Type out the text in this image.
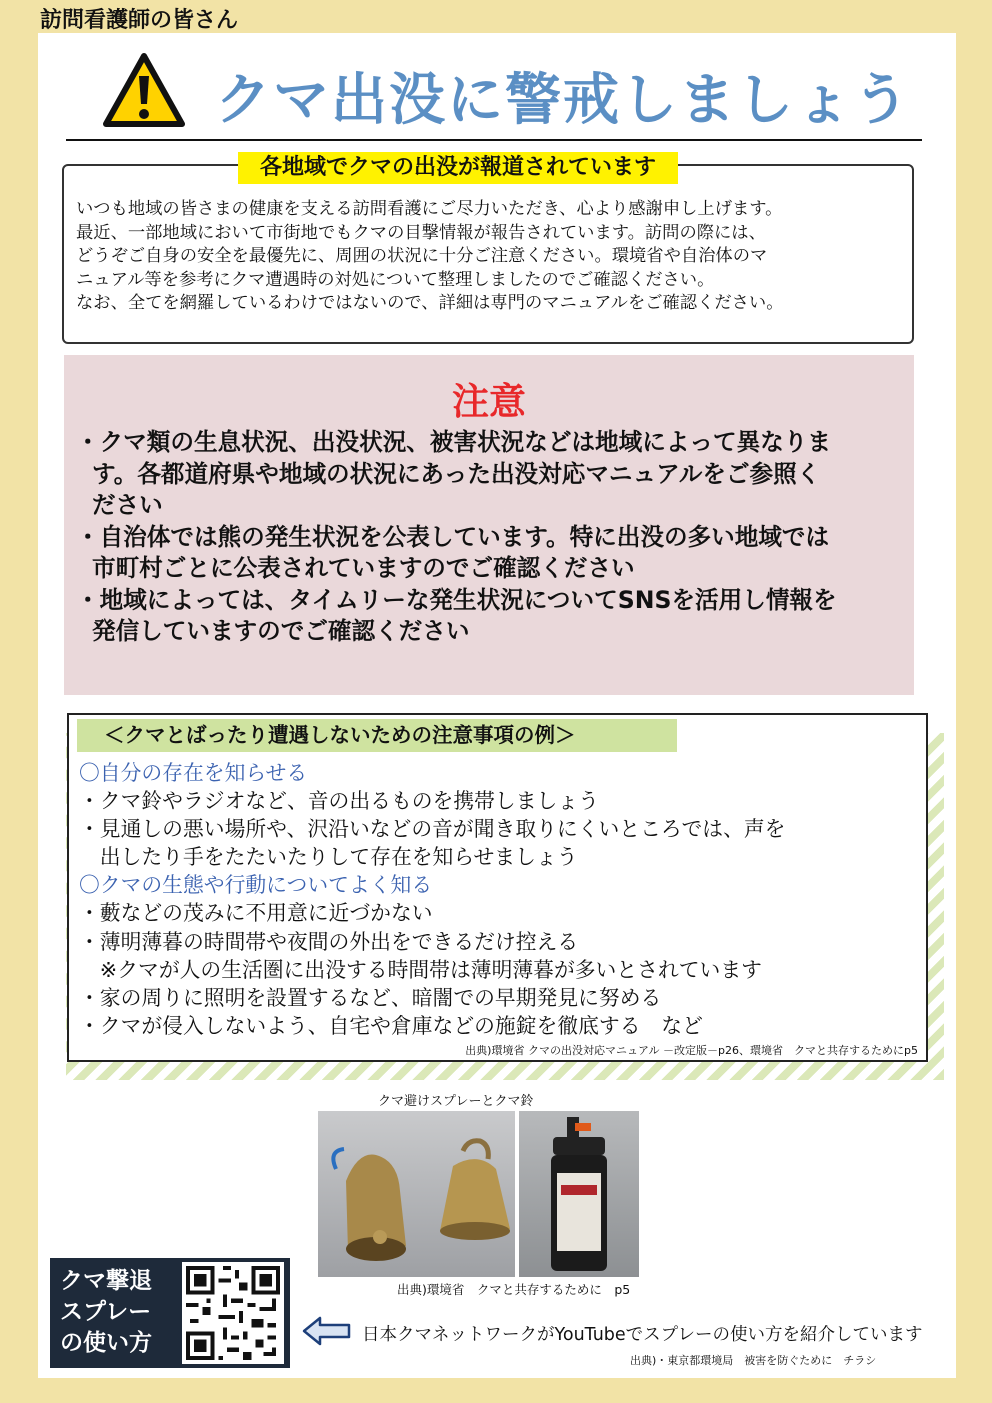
訪問看護師の皆さん
クマ出没に警戒しましょう
各地域でクマの出没が報道されています
いつも地域の皆さまの健康を支える訪問看護にご尽力いただき、心より感謝申し上げます。
最近、一部地域において市街地でもクマの目撃情報が報告されています。訪問の際には、
どうぞご自身の安全を最優先に、周囲の状況に十分ご注意ください。環境省や自治体のマ
ニュアル等を参考にクマ遭遇時の対処について整理しましたのでご確認ください。
なお、全てを網羅しているわけではないので、詳細は専門のマニュアルをご確認ください。
注意
・クマ類の生息状況、出没状況、被害状況などは地域によって異なりま
す。各都道府県や地域の状況にあった出没対応マニュアルをご参照く
ださい
・自治体では熊の発生状況を公表しています。特に出没の多い地域では
市町村ごとに公表されていますのでご確認ください
・地域によっては、タイムリーな発生状況についてSNSを活用し情報を
発信していますのでご確認ください
＜クマとばったり遭遇しないための注意事項の例＞
〇自分の存在を知らせる
・クマ鈴やラジオなど、音の出るものを携帯しましょう
・見通しの悪い場所や、沢沿いなどの音が聞き取りにくいところでは、声を
　出したり手をたたいたりして存在を知らせましょう
〇クマの生態や行動についてよく知る
・藪などの茂みに不用意に近づかない
・薄明薄暮の時間帯や夜間の外出をできるだけ控える
　※クマが人の生活圏に出没する時間帯は薄明薄暮が多いとされています
・家の周りに照明を設置するなど、暗闇での早期発見に努める
・クマが侵入しないよう、自宅や倉庫などの施錠を徹底する　など
出典)環境省 クマの出没対応マニュアル －改定版－p26、環境省　クマと共存するためにp5
クマ避けスプレーとクマ鈴
出典)環境省　クマと共存するために　p5
クマ撃退
スプレー
の使い方	日本クマネットワークがYouTubeでスプレーの使い方を紹介しています
出典)・東京都環境局　被害を防ぐために　チラシ
